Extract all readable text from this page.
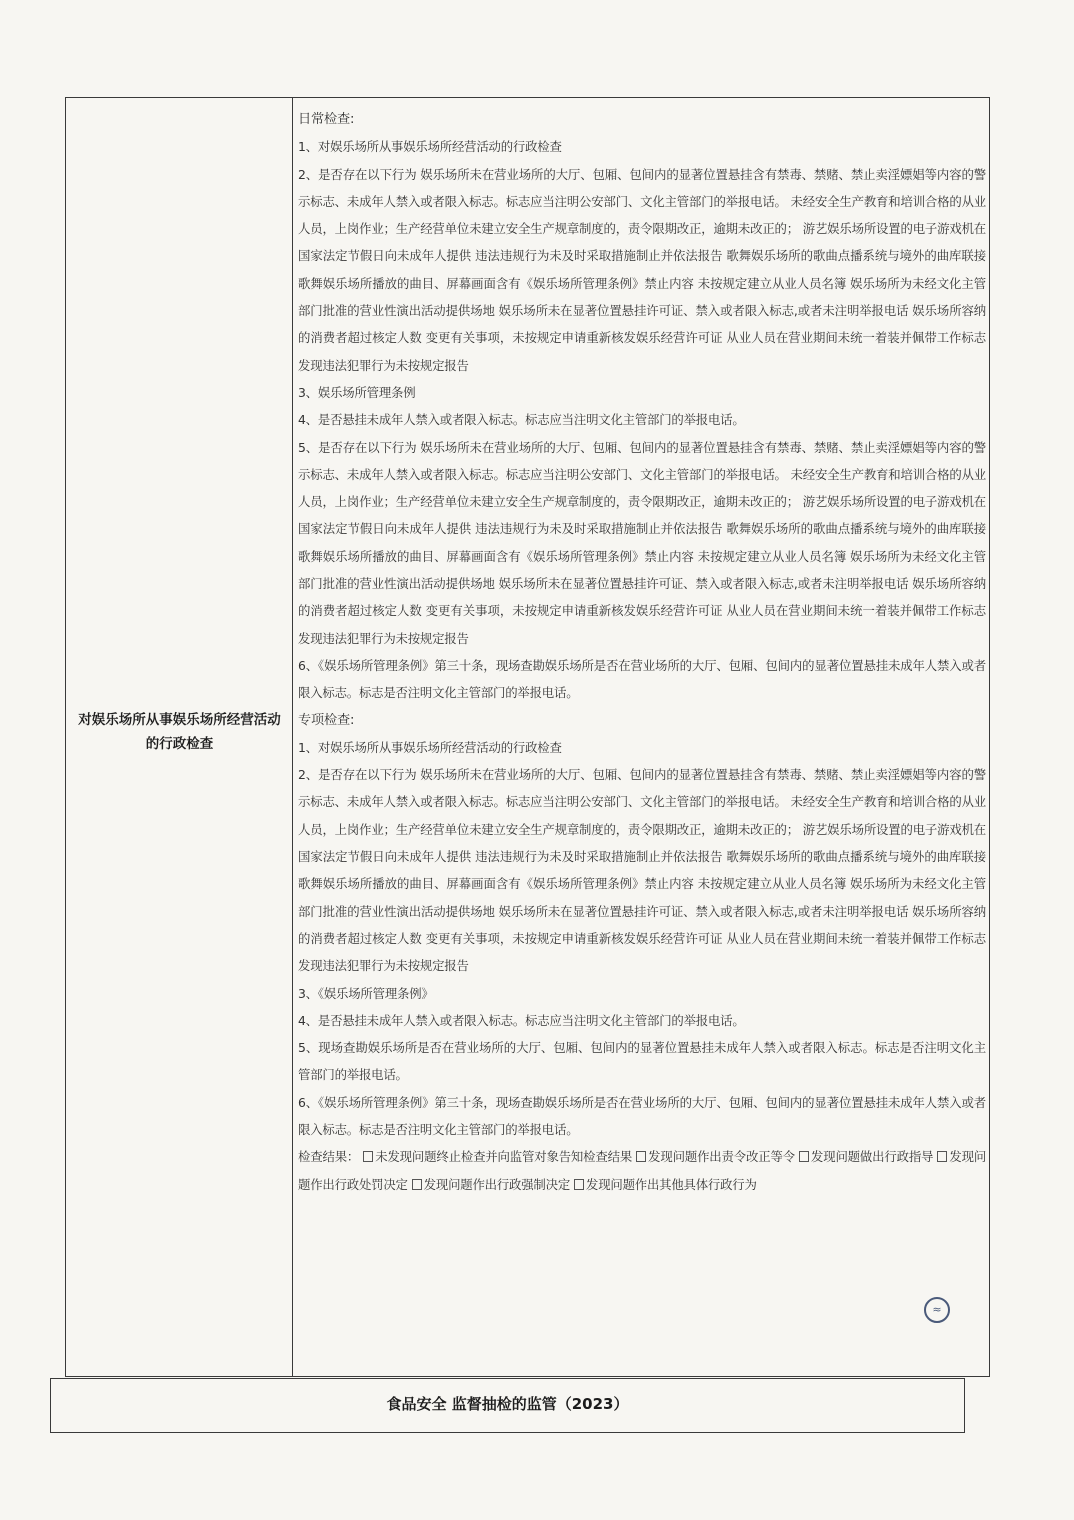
对娱乐场所从事娱乐场所经营活动的行政检查

日常检查:

1、对娱乐场所从事娱乐场所经营活动的行政检查

2、是否存在以下行为 娱乐场所未在营业场所的大厅、包厢、包间内的显著位置悬挂含有禁毒、禁赌、禁止卖淫嫖娼等内容的警示标志、未成年人禁入或者限入标志。标志应当注明公安部门、文化主管部门的举报电话。 未经安全生产教育和培训合格的从业人员，上岗作业；生产经营单位未建立安全生产规章制度的，责令限期改正，逾期未改正的； 游艺娱乐场所设置的电子游戏机在国家法定节假日向未成年人提供 违法违规行为未及时采取措施制止并依法报告 歌舞娱乐场所的歌曲点播系统与境外的曲库联接 歌舞娱乐场所播放的曲目、屏幕画面含有《娱乐场所管理条例》禁止内容 未按规定建立从业人员名簿 娱乐场所为未经文化主管部门批准的营业性演出活动提供场地 娱乐场所未在显著位置悬挂许可证、禁入或者限入标志,或者未注明举报电话 娱乐场所容纳的消费者超过核定人数 变更有关事项，未按规定申请重新核发娱乐经营许可证 从业人员在营业期间未统一着装并佩带工作标志 发现违法犯罪行为未按规定报告

3、娱乐场所管理条例

4、是否悬挂未成年人禁入或者限入标志。标志应当注明文化主管部门的举报电话。

5、是否存在以下行为 娱乐场所未在营业场所的大厅、包厢、包间内的显著位置悬挂含有禁毒、禁赌、禁止卖淫嫖娼等内容的警示标志、未成年人禁入或者限入标志。标志应当注明公安部门、文化主管部门的举报电话。 未经安全生产教育和培训合格的从业人员，上岗作业；生产经营单位未建立安全生产规章制度的，责令限期改正，逾期未改正的； 游艺娱乐场所设置的电子游戏机在国家法定节假日向未成年人提供 违法违规行为未及时采取措施制止并依法报告 歌舞娱乐场所的歌曲点播系统与境外的曲库联接 歌舞娱乐场所播放的曲目、屏幕画面含有《娱乐场所管理条例》禁止内容 未按规定建立从业人员名簿 娱乐场所为未经文化主管部门批准的营业性演出活动提供场地 娱乐场所未在显著位置悬挂许可证、禁入或者限入标志,或者未注明举报电话 娱乐场所容纳的消费者超过核定人数 变更有关事项，未按规定申请重新核发娱乐经营许可证 从业人员在营业期间未统一着装并佩带工作标志 发现违法犯罪行为未按规定报告

6、《娱乐场所管理条例》第三十条，现场查勘娱乐场所是否在营业场所的大厅、包厢、包间内的显著位置悬挂未成年人禁入或者限入标志。标志是否注明文化主管部门的举报电话。

专项检查:

1、对娱乐场所从事娱乐场所经营活动的行政检查

2、是否存在以下行为 娱乐场所未在营业场所的大厅、包厢、包间内的显著位置悬挂含有禁毒、禁赌、禁止卖淫嫖娼等内容的警示标志、未成年人禁入或者限入标志。标志应当注明公安部门、文化主管部门的举报电话。 未经安全生产教育和培训合格的从业人员，上岗作业；生产经营单位未建立安全生产规章制度的，责令限期改正，逾期未改正的； 游艺娱乐场所设置的电子游戏机在国家法定节假日向未成年人提供 违法违规行为未及时采取措施制止并依法报告 歌舞娱乐场所的歌曲点播系统与境外的曲库联接 歌舞娱乐场所播放的曲目、屏幕画面含有《娱乐场所管理条例》禁止内容 未按规定建立从业人员名簿 娱乐场所为未经文化主管部门批准的营业性演出活动提供场地 娱乐场所未在显著位置悬挂许可证、禁入或者限入标志,或者未注明举报电话 娱乐场所容纳的消费者超过核定人数 变更有关事项，未按规定申请重新核发娱乐经营许可证 从业人员在营业期间未统一着装并佩带工作标志 发现违法犯罪行为未按规定报告

3、《娱乐场所管理条例》

4、是否悬挂未成年人禁入或者限入标志。标志应当注明文化主管部门的举报电话。

5、现场查勘娱乐场所是否在营业场所的大厅、包厢、包间内的显著位置悬挂未成年人禁入或者限入标志。标志是否注明文化主管部门的举报电话。

6、《娱乐场所管理条例》第三十条，现场查勘娱乐场所是否在营业场所的大厅、包厢、包间内的显著位置悬挂未成年人禁入或者限入标志。标志是否注明文化主管部门的举报电话。

检查结果： 未发现问题终止检查并向监管对象告知检查结果 发现问题作出责令改正等令 发现问题做出行政指导 发现问题作出行政处罚决定 发现问题作出行政强制决定 发现问题作出其他具体行政行为

≈
食品安全 监督抽检的监管（2023）
